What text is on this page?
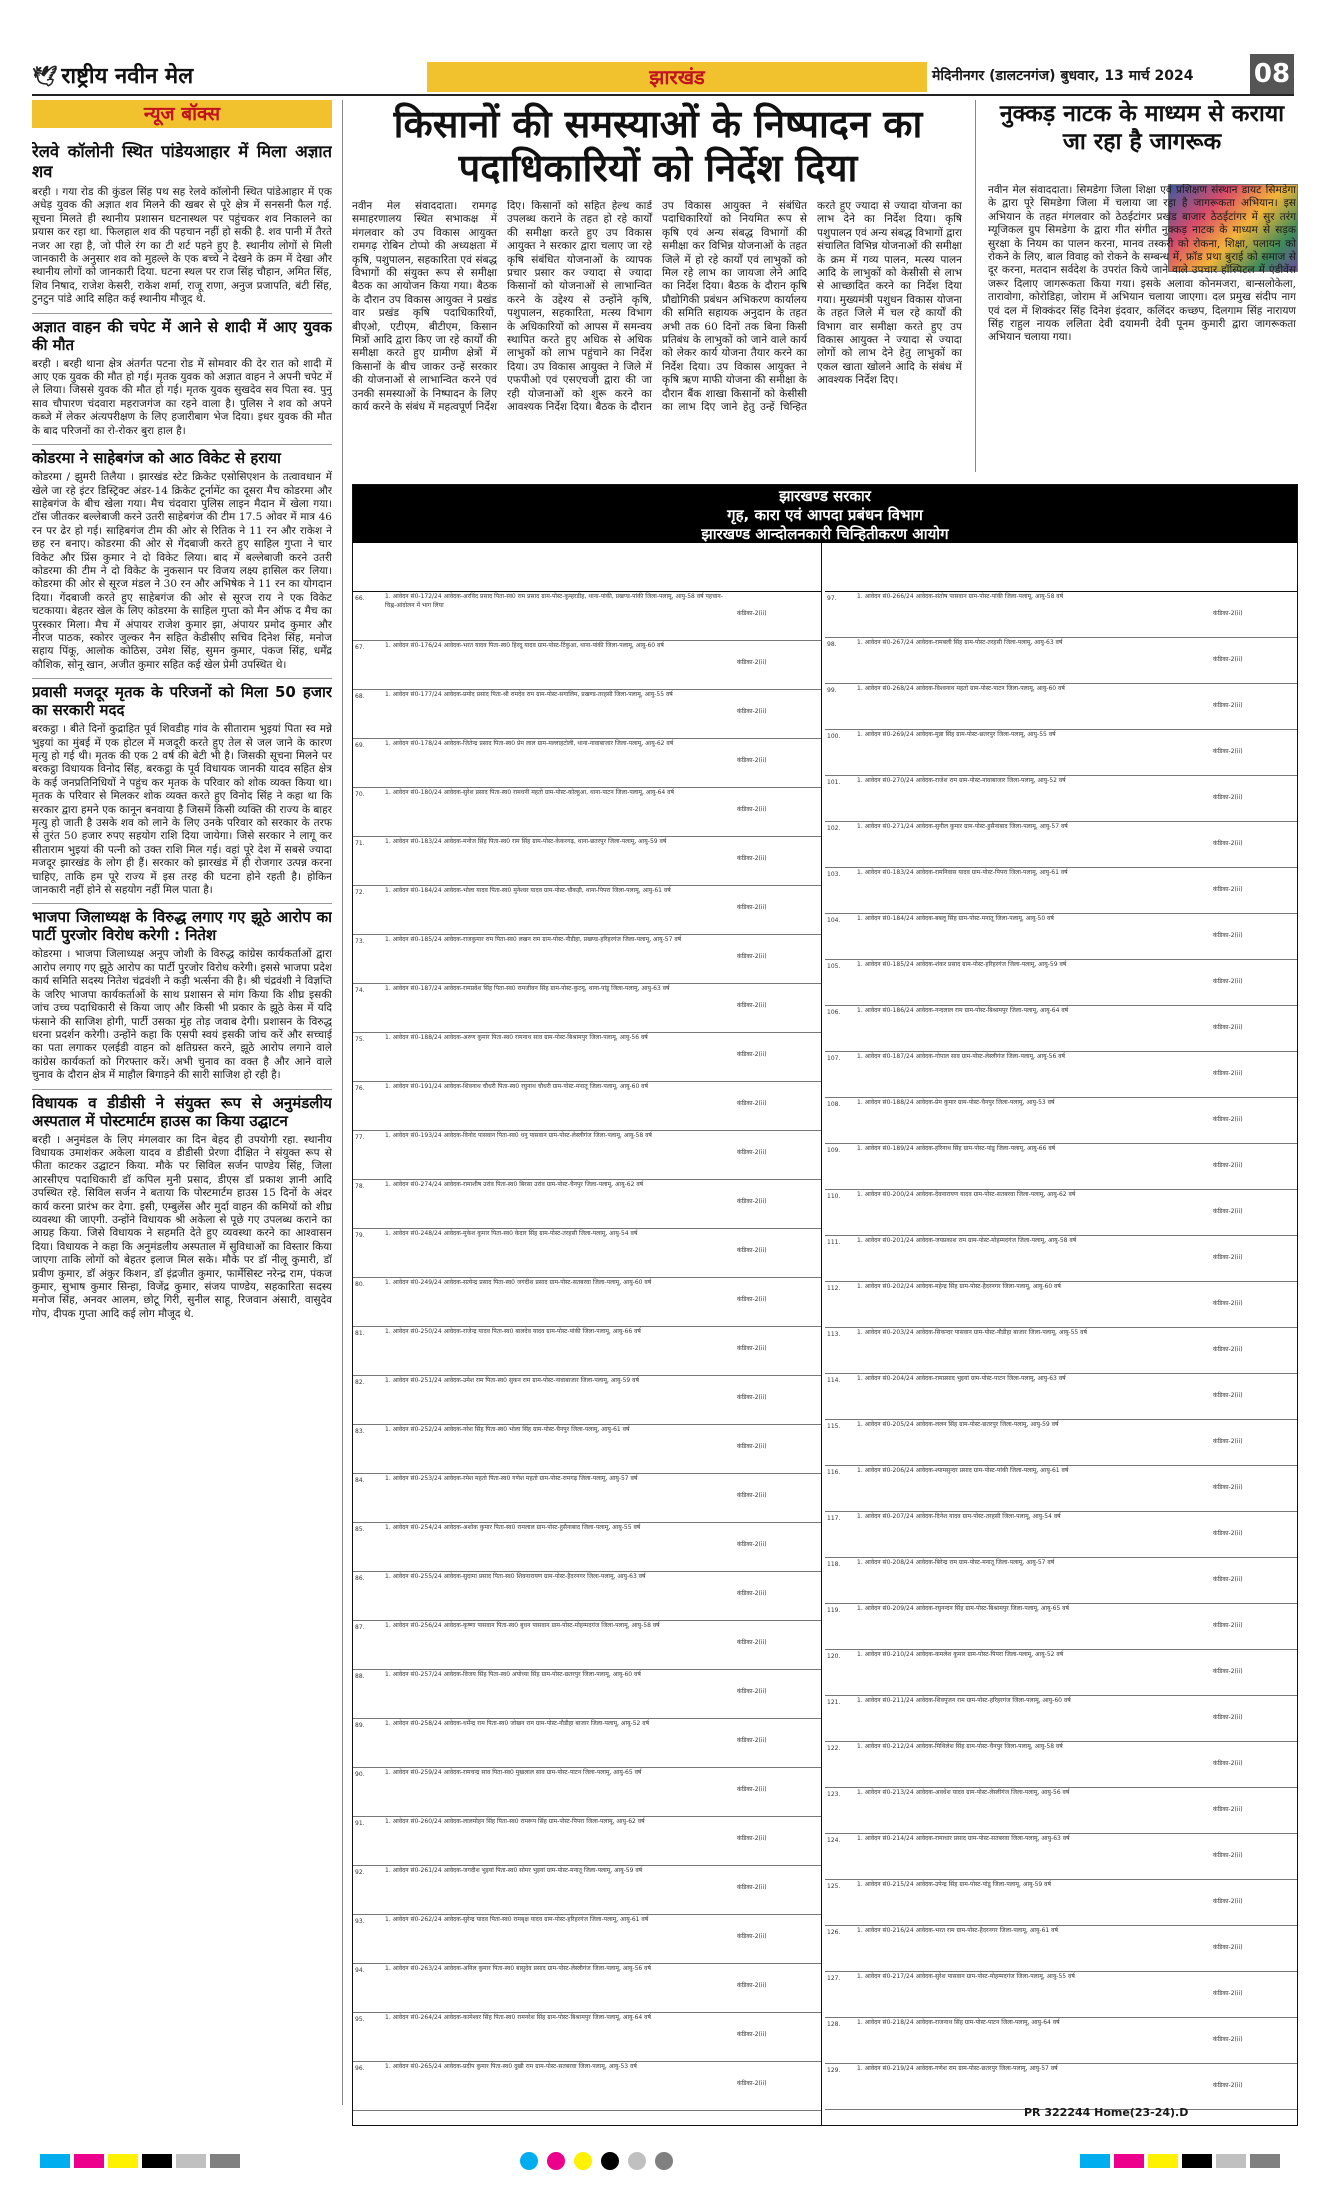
🕊 राष्ट्रीय नवीन मेल	झारखंड	मेदिनीनगर (डालटनगंज) बुधवार, 13 मार्च 2024 08
न्यूज बॉक्स
रेलवे कॉलोनी स्थित पांडेयआहार में मिला अज्ञात शव

बरही । गया रोड की कुंडल सिंह पथ सह रेलवे कॉलोनी स्थित पांडेआहार में एक अधेड़ युवक की अज्ञात शव मिलने की खबर से पूरे क्षेत्र में सनसनी फैल गई. सूचना मिलते ही स्थानीय प्रशासन घटनास्थल पर पहुंचकर शव निकालने का प्रयास कर रहा था. फिलहाल शव की पहचान नहीं हो सकी है. शव पानी में तैरते नजर आ रहा है, जो पीले रंग का टी शर्ट पहने हुए है. स्थानीय लोगों से मिली जानकारी के अनुसार शव को मुहल्ले के एक बच्चे ने देखने के क्रम में देखा और स्थानीय लोगों को जानकारी दिया. घटना स्थल पर राज सिंह चौहान, अमित सिंह, शिव निषाद, राजेश केसरी, राकेश शर्मा, राजू राणा, अनुज प्रजापति, बंटी सिंह, टुनटुन पांडे आदि सहित कई स्थानीय मौजूद थे.

अज्ञात वाहन की चपेट में आने से शादी में आए युवक की मौत

बरही । बरही थाना क्षेत्र अंतर्गत पटना रोड में सोमवार की देर रात को शादी में आए एक युवक की मौत हो गई। मृतक युवक को अज्ञात वाहन ने अपनी चपेट में ले लिया। जिससे युवक की मौत हो गई। मृतक युवक सुखदेव सव पिता स्व. पुनु साव चौपारण चंदवारा महराजगंज का रहने वाला है। पुलिस ने शव को अपने कब्जे में लेकर अंत्यपरीक्षण के लिए हजारीबाग भेज दिया। इधर युवक की मौत के बाद परिजनों का रो-रोकर बुरा हाल है।

कोडरमा ने साहेबगंज को आठ विकेट से हराया

कोडरमा / झुमरी तिलैया । झारखंड स्टेट क्रिकेट एसोसिएशन के तत्वावधान में खेले जा रहे इंटर डिस्ट्रिक्ट अंडर-14 क्रिकेट टूर्नामेंट का दूसरा मैच कोडरमा और साहेबगंज के बीच खेला गया। मैच चंदवारा पुलिस लाइन मैदान में खेला गया। टॉस जीतकर बल्लेबाजी करने उतरी साहेबगंज की टीम 17.5 ओवर में मात्र 46 रन पर ढेर हो गई। साहिबगंज टीम की ओर से रितिक ने 11 रन और राकेश ने छह रन बनाए। कोडरमा की ओर से गेंदबाजी करते हुए साहिल गुप्ता ने चार विकेट और प्रिंस कुमार ने दो विकेट लिया। बाद में बल्लेबाजी करने उतरी कोडरमा की टीम ने दो विकेट के नुकसान पर विजय लक्ष्य हासिल कर लिया। कोडरमा की ओर से सूरज मंडल ने 30 रन और अभिषेक ने 11 रन का योगदान दिया। गेंदबाजी करते हुए साहेबगंज की ओर से सूरज राय ने एक विकेट चटकाया। बेहतर खेल के लिए कोडरमा के साहिल गुप्ता को मैन ऑफ द मैच का पुरस्कार मिला। मैच में अंपायर राजेश कुमार झा, अंपायर प्रमोद कुमार और नीरज पाठक, स्कोरर जुल्कर नैन सहित केडीसीए सचिव दिनेश सिंह, मनोज सहाय पिंकू, आलोक कोठिस, उमेश सिंह, सुमन कुमार, पंकज सिंह, धर्मेंद्र कौशिक, सोनू खान, अजीत कुमार सहित कई खेल प्रेमी उपस्थित थे।

प्रवासी मजदूर मृतक के परिजनों को मिला 50 हजार का सरकारी मदद

बरकट्ठा । बीते दिनों कुद्राहित पूर्व शिवडीह गांव के सीताराम भुइयां पिता स्व मन्ने भुइयां का मुंबई में एक होटल में मजदूरी करते हुए तेल से जल जाने के कारण मृत्यु हो गई थी। मृतक की एक 2 वर्ष की बेटी भी है। जिसकी सूचना मिलने पर बरकट्ठा विधायक विनोद सिंह, बरकट्ठा के पूर्व विधायक जानकी यादव सहित क्षेत्र के कई जनप्रतिनिधियों ने पहुंच कर मृतक के परिवार को शोक व्यक्त किया था। मृतक के परिवार से मिलकर शोक व्यक्त करते हुए विनोद सिंह ने कहा था कि सरकार द्वारा हमने एक कानून बनवाया है जिसमें किसी व्यक्ति की राज्य के बाहर मृत्यु हो जाती है उसके शव को लाने के लिए उनके परिवार को सरकार के तरफ से तुरंत 50 हजार रुपए सहयोग राशि दिया जायेगा। जिसे सरकार ने लागू कर सीताराम भुइयां की पत्नी को उक्त राशि मिल गई। वहां पूरे देश में सबसे ज्यादा मजदूर झारखंड के लोग ही हैं। सरकार को झारखंड में ही रोजगार उत्पन्न करना चाहिए, ताकि हम पूरे राज्य में इस तरह की घटना होने रहती है। होकिन जानकारी नहीं होने से सहयोग नहीं मिल पाता है।

भाजपा जिलाध्यक्ष के विरुद्ध लगाए गए झूठे आरोप का पार्टी पुरजोर विरोध करेगी : नितेश

कोडरमा । भाजपा जिलाध्यक्ष अनूप जोशी के विरुद्ध कांग्रेस कार्यकर्ताओं द्वारा आरोप लगाए गए झूठे आरोप का पार्टी पुरजोर विरोध करेगी। इससे भाजपा प्रदेश कार्य समिति सदस्य नितेश चंद्रवंशी ने कड़ी भर्त्सना की है। श्री चंद्रवंशी ने विज्ञप्ति के जरिए भाजपा कार्यकर्ताओं के साथ प्रशासन से मांग किया कि शीघ्र इसकी जांच उच्च पदाधिकारी से किया जाए और किसी भी प्रकार के झूठे केस में यदि फंसाने की साजिश होगी, पार्टी उसका मुंह तोड़ जवाब देगी। प्रशासन के विरुद्ध धरना प्रदर्शन करेगी। उन्होंने कहा कि एसपी स्वयं इसकी जांच करें और सच्चाई का पता लगाकर एलईडी वाहन को क्षतिग्रस्त करने, झूठे आरोप लगाने वाले कांग्रेस कार्यकर्ता को गिरफ्तार करें। अभी चुनाव का वक्त है और आने वाले चुनाव के दौरान क्षेत्र में माहौल बिगाड़ने की सारी साजिश हो रही है।

विधायक व डीडीसी ने संयुक्त रूप से अनुमंडलीय अस्पताल में पोस्टमार्टम हाउस का किया उद्घाटन

बरही । अनुमंडल के लिए मंगलवार का दिन बेहद ही उपयोगी रहा. स्थानीय विधायक उमाशंकर अकेला यादव व डीडीसी प्रेरणा दीक्षित ने संयुक्त रूप से फीता काटकर उद्घाटन किया. मौके पर सिविल सर्जन पाण्डेय सिंह, जिला आरसीएच पदाधिकारी डॉ कपिल मुनी प्रसाद, डीएस डॉ प्रकाश ज्ञानी आदि उपस्थित रहे. सिविल सर्जन ने बताया कि पोस्टमार्टम हाउस 15 दिनों के अंदर कार्य करना प्रारंभ कर देगा. इसी, एम्बुलेंस और मुर्दा वाहन की कमियों को शीघ्र व्यवस्था की जाएगी. उन्होंने विधायक श्री अकेला से पूछे गए उपलब्ध कराने का आग्रह किया. जिसे विधायक ने सहमति देते हुए व्यवस्था करने का आश्वासन दिया। विधायक ने कहा कि अनुमंडलीय अस्पताल में सुविधाओं का विस्तार किया जाएगा ताकि लोगों को बेहतर इलाज मिल सके। मौके पर डॉ नीलू कुमारी, डॉ प्रवीण कुमार, डॉ अंकुर किशन, डॉ इंद्रजीत कुमार, फार्मेसिस्ट नरेन्द्र राम, पंकज कुमार, सुभाष कुमार सिन्हा, विजेंद्र कुमार, संजय पाण्डेय, सहकारिता सदस्य मनोज सिंह, अनवर आलम, छोटू गिरी, सुनील साहू, रिजवान अंसारी, वासुदेव गोप, दीपक गुप्ता आदि कई लोग मौजूद थे.

किसानों की समस्याओं के निष्पादन का पदाधिकारियों को निर्देश दिया

नवीन मेल संवाददाता। रामगढ़ समाहरणालय स्थित सभाकक्ष में मंगलवार को उप विकास आयुक्त रामगढ़ रोबिन टोप्पो की अध्यक्षता में कृषि, पशुपालन, सहकारिता एवं संबद्ध विभागों की संयुक्त रूप से समीक्षा बैठक का आयोजन किया गया। बैठक के दौरान उप विकास आयुक्त ने प्रखंड वार प्रखंड कृषि पदाधिकारियों, बीएओ, एटीएम, बीटीएम, किसान मित्रों आदि द्वारा किए जा रहे कार्यों की समीक्षा करते हुए ग्रामीण क्षेत्रों में किसानों के बीच जाकर उन्हें सरकार की योजनाओं से लाभान्वित करने एवं उनकी समस्याओं के निष्पादन के लिए कार्य करने के संबंध में महत्वपूर्ण निर्देश दिए। किसानों को सहित हेल्थ कार्ड उपलब्ध कराने के तहत हो रहे कार्यों की समीक्षा करते हुए उप विकास आयुक्त ने सरकार द्वारा चलाए जा रहे कृषि संबंधित योजनाओं के व्यापक प्रचार प्रसार कर ज्यादा से ज्यादा किसानों को योजनाओं से लाभान्वित करने के उद्देश्य से उन्होंने कृषि, पशुपालन, सहकारिता, मत्स्य विभाग के अधिकारियों को आपस में समन्वय स्थापित करते हुए अधिक से अधिक लाभुकों को लाभ पहुंचाने का निर्देश दिया। उप विकास आयुक्त ने जिले में एफपीओ एवं एसएचजी द्वारा की जा रही योजनाओं को शुरू करने का आवश्यक निर्देश दिया। बैठक के दौरान उप विकास आयुक्त ने संबंधित पदाधिकारियों को नियमित रूप से कृषि एवं अन्य संबद्ध विभागों की समीक्षा कर विभिन्न योजनाओं के तहत जिले में हो रहे कार्यों एवं लाभुकों को मिल रहे लाभ का जायजा लेने आदि का निर्देश दिया। बैठक के दौरान कृषि प्रौद्योगिकी प्रबंधन अभिकरण कार्यालय की समिति सहायक अनुदान के तहत अभी तक 60 दिनों तक बिना किसी प्रतिबंध के लाभुकों को जाने वाले कार्य को लेकर कार्य योजना तैयार करने का निर्देश दिया। उप विकास आयुक्त ने कृषि ऋण माफी योजना की समीक्षा के दौरान बैंक शाखा किसानों को केसीसी का लाभ दिए जाने हेतु उन्हें चिन्हित करते हुए ज्यादा से ज्यादा योजना का लाभ देने का निर्देश दिया। कृषि पशुपालन एवं अन्य संबद्ध विभागों द्वारा संचालित विभिन्न योजनाओं की समीक्षा के क्रम में गव्य पालन, मत्स्य पालन आदि के लाभुकों को केसीसी से लाभ से आच्छादित करने का निर्देश दिया गया। मुख्यमंत्री पशुधन विकास योजना के तहत जिले में चल रहे कार्यों की विभाग वार समीक्षा करते हुए उप विकास आयुक्त ने ज्यादा से ज्यादा लोगों को लाभ देने हेतु लाभुकों का एकल खाता खोलने आदि के संबंध में आवश्यक निर्देश दिए।

नुक्कड़ नाटक के माध्यम से कराया जा रहा है जागरूक

नवीन मेल संवाददाता। सिमडेगा जिला शिक्षा एवं प्रशिक्षण संस्थान डायट सिमडेगा के द्वारा पूरे सिमडेगा जिला में चलाया जा रहा है जागरूकता अभियान। इस अभियान के तहत मंगलवार को ठेठईटांगर प्रखंड बाजार ठेठईटांगर में सुर तरंग म्यूजिकल ग्रुप सिमडेगा के द्वारा गीत संगीत नुक्कड़ नाटक के माध्यम से सड़क सुरक्षा के नियम का पालन करना, मानव तस्करी को रोकना, शिक्षा, पलायन को रोकने के लिए, बाल विवाह को रोकने के सम्बन्ध में, फ्रॉड प्रथा बुराई को समाज से दूर करना, मतदान सर्वदेश के उपरांत किये जाने वाले उपचार हॉस्पिटल में एंडीवेंस जरूर दिलाए जागरूकता किया गया। इसके अलावा कोनमजरा, बान्सलोकेला, तारावोगा, कोरोडिहा, जोराम में अभियान चलाया जाएगा। दल प्रमुख संदीप नाग एवं दल में शिक्कंदर सिंह दिनेश इंदवार, कलिंदर कच्छप, दिलगाम सिंह नारायण सिंह राहुल नायक ललिता देवी दयामनी देवी पूनम कुमारी द्वारा जागरूकता अभियान चलाया गया।

झारखण्ड सरकार
गृह, कारा एवं आपदा प्रबंधन विभाग
झारखण्ड आन्दोलनकारी चिन्हितीकरण आयोग
66.	1. आवेदन सं0-172/24 आवेदक-अरविंद प्रसाद पिता-स्व0 राम प्रसाद ग्राम-पोस्ट-कुम्हरडीह, थाना-पांकी, प्रखण्ड-पांकी जिला-पलामू, आयु-58 वर्ष पहचान-चिह्न-आंदोलन में भाग लिया
कंडिका-2(ii)
67.	1. आवेदन सं0-176/24 आवेदक-भरत यादव पिता-स्व0 हिरदू यादव ग्राम-पोस्ट-टिंकुआ, थाना-पांकी जिला-पलामू, आयु-60 वर्ष
कंडिका-2(ii)
68.	1. आवेदन सं0-177/24 आवेदक-प्रमोद प्रसाद पिता-श्री रामदेव राम ग्राम-पोस्ट-सगालिम, प्रखण्ड-तरहसी जिला-पलामू, आयु-55 वर्ष
कंडिका-2(ii)
69.	1. आवेदन सं0-178/24 आवेदक-जितेन्द्र प्रसाद पिता-स्व0 प्रेम लाल ग्राम-मल्लाहटोली, थाना-नावाबाजार जिला-पलामू, आयु-62 वर्ष
कंडिका-2(ii)
70.	1. आवेदन सं0-180/24 आवेदक-सुरेश प्रसाद पिता-स्व0 रामधनी महतो ग्राम-पोस्ट-कोल्हुआ, थाना-पाटन जिला-पलामू, आयु-64 वर्ष
कंडिका-2(ii)
71.	1. आवेदन सं0-183/24 आवेदक-मनोज सिंह पिता-स्व0 राम सिंह ग्राम-पोस्ट-केकरगढ़, थाना-छतरपुर जिला-पलामू, आयु-59 वर्ष
कंडिका-2(ii)
72.	1. आवेदन सं0-184/24 आवेदक-भोला यादव पिता-स्व0 मुनेश्वर यादव ग्राम-पोस्ट-चौकड़ी, थाना-पिपरा जिला-पलामू, आयु-61 वर्ष
कंडिका-2(ii)
73.	1. आवेदन सं0-185/24 आवेदक-राजकुमार राम पिता-स्व0 लखन राम ग्राम-पोस्ट-नौडीहा, प्रखण्ड-हरिहरगंज जिला-पलामू, आयु-57 वर्ष
कंडिका-2(ii)
74.	1. आवेदन सं0-187/24 आवेदक-रामप्रवेश सिंह पिता-स्व0 रामजीवन सिंह ग्राम-पोस्ट-कुटमू, थाना-पांडू जिला-पलामू, आयु-63 वर्ष
कंडिका-2(ii)
75.	1. आवेदन सं0-188/24 आवेदक-अरुण कुमार पिता-स्व0 रामनाथ साव ग्राम-पोस्ट-बिश्रामपुर जिला-पलामू, आयु-56 वर्ष
कंडिका-2(ii)
76.	1. आवेदन सं0-191/24 आवेदक-शिवनाथ चौधरी पिता-स्व0 रघुनाथ चौधरी ग्राम-पोस्ट-मनातू जिला-पलामू, आयु-60 वर्ष
कंडिका-2(ii)
77.	1. आवेदन सं0-193/24 आवेदक-विनोद पासवान पिता-स्व0 धनु पासवान ग्राम-पोस्ट-लेस्लीगंज जिला-पलामू, आयु-58 वर्ष
कंडिका-2(ii)
78.	1. आवेदन सं0-274/24 आवेदक-रामाशीष उरांव पिता-स्व0 बिरसा उरांव ग्राम-पोस्ट-चैनपुर जिला-पलामू, आयु-62 वर्ष
कंडिका-2(ii)
79.	1. आवेदन सं0-248/24 आवेदक-मुकेश कुमार पिता-स्व0 केदार सिंह ग्राम-पोस्ट-तरहसी जिला-पलामू, आयु-54 वर्ष
कंडिका-2(ii)
80.	1. आवेदन सं0-249/24 आवेदक-सत्येन्द्र प्रसाद पिता-स्व0 जगदीश प्रसाद ग्राम-पोस्ट-सतबरवा जिला-पलामू, आयु-60 वर्ष
कंडिका-2(ii)
81.	1. आवेदन सं0-250/24 आवेदक-राजेन्द्र यादव पिता-स्व0 बालदेव यादव ग्राम-पोस्ट-पांकी जिला-पलामू, आयु-66 वर्ष
कंडिका-2(ii)
82.	1. आवेदन सं0-251/24 आवेदक-उमेश राम पिता-स्व0 सुकन राम ग्राम-पोस्ट-नावाबाजार जिला-पलामू, आयु-59 वर्ष
कंडिका-2(ii)
83.	1. आवेदन सं0-252/24 आवेदक-नरेश सिंह पिता-स्व0 भोला सिंह ग्राम-पोस्ट-चैनपुर जिला-पलामू, आयु-61 वर्ष
कंडिका-2(ii)
84.	1. आवेदन सं0-253/24 आवेदक-रमेश महतो पिता-स्व0 गणेश महतो ग्राम-पोस्ट-रामगढ़ जिला-पलामू, आयु-57 वर्ष
कंडिका-2(ii)
85.	1. आवेदन सं0-254/24 आवेदक-अशोक कुमार पिता-स्व0 रामलाल ग्राम-पोस्ट-हुसैनाबाद जिला-पलामू, आयु-55 वर्ष
कंडिका-2(ii)
86.	1. आवेदन सं0-255/24 आवेदक-सुदामा प्रसाद पिता-स्व0 शिवनारायण ग्राम-पोस्ट-हैदरनगर जिला-पलामू, आयु-63 वर्ष
कंडिका-2(ii)
87.	1. आवेदन सं0-256/24 आवेदक-कृष्णा पासवान पिता-स्व0 बुधन पासवान ग्राम-पोस्ट-मोहम्मदगंज जिला-पलामू, आयु-58 वर्ष
कंडिका-2(ii)
88.	1. आवेदन सं0-257/24 आवेदक-विजय सिंह पिता-स्व0 अयोध्या सिंह ग्राम-पोस्ट-छतरपुर जिला-पलामू, आयु-60 वर्ष
कंडिका-2(ii)
89.	1. आवेदन सं0-258/24 आवेदक-धर्मेन्द्र राम पिता-स्व0 जोखन राम ग्राम-पोस्ट-नौडीहा बाजार जिला-पलामू, आयु-52 वर्ष
कंडिका-2(ii)
90.	1. आवेदन सं0-259/24 आवेदक-रामचन्द्र साव पिता-स्व0 मुखलाल साव ग्राम-पोस्ट-पाटन जिला-पलामू, आयु-65 वर्ष
कंडिका-2(ii)
91.	1. आवेदन सं0-260/24 आवेदक-लालमोहन सिंह पिता-स्व0 रामरूप सिंह ग्राम-पोस्ट-पिपरा जिला-पलामू, आयु-62 वर्ष
कंडिका-2(ii)
92.	1. आवेदन सं0-261/24 आवेदक-जगदीश भुइयां पिता-स्व0 सोमर भुइयां ग्राम-पोस्ट-मनातू जिला-पलामू, आयु-59 वर्ष
कंडिका-2(ii)
93.	1. आवेदन सं0-262/24 आवेदक-सुरेन्द्र यादव पिता-स्व0 रामबृक्ष यादव ग्राम-पोस्ट-हरिहरगंज जिला-पलामू, आयु-61 वर्ष
कंडिका-2(ii)
94.	1. आवेदन सं0-263/24 आवेदक-अनिल कुमार पिता-स्व0 बासुदेव प्रसाद ग्राम-पोस्ट-लेस्लीगंज जिला-पलामू, आयु-56 वर्ष
कंडिका-2(ii)
95.	1. आवेदन सं0-264/24 आवेदक-कामेश्वर सिंह पिता-स्व0 रामनरेश सिंह ग्राम-पोस्ट-बिश्रामपुर जिला-पलामू, आयु-64 वर्ष
कंडिका-2(ii)
96.	1. आवेदन सं0-265/24 आवेदक-प्रदीप कुमार पिता-स्व0 दुखी राम ग्राम-पोस्ट-सतबरवा जिला-पलामू, आयु-53 वर्ष
कंडिका-2(ii)
97.	1. आवेदन सं0-266/24 आवेदक-संतोष पासवान ग्राम-पोस्ट-पांकी जिला-पलामू, आयु-58 वर्ष
कंडिका-2(ii)
98.	1. आवेदन सं0-267/24 आवेदक-रामबली सिंह ग्राम-पोस्ट-तरहसी जिला-पलामू, आयु-63 वर्ष
कंडिका-2(ii)
99.	1. आवेदन सं0-268/24 आवेदक-विश्वनाथ महतो ग्राम-पोस्ट-पाटन जिला-पलामू, आयु-60 वर्ष
कंडिका-2(ii)
100.	1. आवेदन सं0-269/24 आवेदक-मुन्ना सिंह ग्राम-पोस्ट-छतरपुर जिला-पलामू, आयु-55 वर्ष
कंडिका-2(ii)
101.	1. आवेदन सं0-270/24 आवेदक-राजेश राम ग्राम-पोस्ट-नावाबाजार जिला-पलामू, आयु-52 वर्ष
कंडिका-2(ii)
102.	1. आवेदन सं0-271/24 आवेदक-सुनील कुमार ग्राम-पोस्ट-हुसैनाबाद जिला-पलामू, आयु-57 वर्ष
कंडिका-2(ii)
103.	1. आवेदन सं0-183/24 आवेदक-रामनिवास यादव ग्राम-पोस्ट-पिपरा जिला-पलामू, आयु-61 वर्ष
कंडिका-2(ii)
104.	1. आवेदन सं0-184/24 आवेदक-बबलू सिंह ग्राम-पोस्ट-मनातू जिला-पलामू, आयु-50 वर्ष
कंडिका-2(ii)
105.	1. आवेदन सं0-185/24 आवेदक-शंकर प्रसाद ग्राम-पोस्ट-हरिहरगंज जिला-पलामू, आयु-59 वर्ष
कंडिका-2(ii)
106.	1. आवेदन सं0-186/24 आवेदक-नन्दलाल राम ग्राम-पोस्ट-बिश्रामपुर जिला-पलामू, आयु-64 वर्ष
कंडिका-2(ii)
107.	1. आवेदन सं0-187/24 आवेदक-गोपाल साव ग्राम-पोस्ट-लेस्लीगंज जिला-पलामू, आयु-56 वर्ष
कंडिका-2(ii)
108.	1. आवेदन सं0-188/24 आवेदक-प्रेम कुमार ग्राम-पोस्ट-चैनपुर जिला-पलामू, आयु-53 वर्ष
कंडिका-2(ii)
109.	1. आवेदन सं0-189/24 आवेदक-हरिनाथ सिंह ग्राम-पोस्ट-पांडू जिला-पलामू, आयु-66 वर्ष
कंडिका-2(ii)
110.	1. आवेदन सं0-200/24 आवेदक-देवनारायण यादव ग्राम-पोस्ट-सतबरवा जिला-पलामू, आयु-62 वर्ष
कंडिका-2(ii)
111.	1. आवेदन सं0-201/24 आवेदक-जयप्रकाश राम ग्राम-पोस्ट-मोहम्मदगंज जिला-पलामू, आयु-58 वर्ष
कंडिका-2(ii)
112.	1. आवेदन सं0-202/24 आवेदक-महेन्द्र सिंह ग्राम-पोस्ट-हैदरनगर जिला-पलामू, आयु-60 वर्ष
कंडिका-2(ii)
113.	1. आवेदन सं0-203/24 आवेदक-सिकन्दर पासवान ग्राम-पोस्ट-नौडीहा बाजार जिला-पलामू, आयु-55 वर्ष
कंडिका-2(ii)
114.	1. आवेदन सं0-204/24 आवेदक-रामप्रसाद भुइयां ग्राम-पोस्ट-पाटन जिला-पलामू, आयु-63 वर्ष
कंडिका-2(ii)
115.	1. आवेदन सं0-205/24 आवेदक-ललन सिंह ग्राम-पोस्ट-छतरपुर जिला-पलामू, आयु-59 वर्ष
कंडिका-2(ii)
116.	1. आवेदन सं0-206/24 आवेदक-श्यामसुन्दर प्रसाद ग्राम-पोस्ट-पांकी जिला-पलामू, आयु-61 वर्ष
कंडिका-2(ii)
117.	1. आवेदन सं0-207/24 आवेदक-दिनेश यादव ग्राम-पोस्ट-तरहसी जिला-पलामू, आयु-54 वर्ष
कंडिका-2(ii)
118.	1. आवेदन सं0-208/24 आवेदक-बिरेन्द्र राम ग्राम-पोस्ट-मनातू जिला-पलामू, आयु-57 वर्ष
कंडिका-2(ii)
119.	1. आवेदन सं0-209/24 आवेदक-रघुनन्दन सिंह ग्राम-पोस्ट-बिश्रामपुर जिला-पलामू, आयु-65 वर्ष
कंडिका-2(ii)
120.	1. आवेदन सं0-210/24 आवेदक-कमलेश कुमार ग्राम-पोस्ट-पिपरा जिला-पलामू, आयु-52 वर्ष
कंडिका-2(ii)
121.	1. आवेदन सं0-211/24 आवेदक-शिवपूजन राम ग्राम-पोस्ट-हरिहरगंज जिला-पलामू, आयु-60 वर्ष
कंडिका-2(ii)
122.	1. आवेदन सं0-212/24 आवेदक-मिथिलेश सिंह ग्राम-पोस्ट-चैनपुर जिला-पलामू, आयु-58 वर्ष
कंडिका-2(ii)
123.	1. आवेदन सं0-213/24 आवेदक-अवधेश यादव ग्राम-पोस्ट-लेस्लीगंज जिला-पलामू, आयु-56 वर्ष
कंडिका-2(ii)
124.	1. आवेदन सं0-214/24 आवेदक-रामाधार प्रसाद ग्राम-पोस्ट-सतबरवा जिला-पलामू, आयु-63 वर्ष
कंडिका-2(ii)
125.	1. आवेदन सं0-215/24 आवेदक-उपेन्द्र सिंह ग्राम-पोस्ट-पांडू जिला-पलामू, आयु-59 वर्ष
कंडिका-2(ii)
126.	1. आवेदन सं0-216/24 आवेदक-भरत राम ग्राम-पोस्ट-हैदरनगर जिला-पलामू, आयु-61 वर्ष
कंडिका-2(ii)
127.	1. आवेदन सं0-217/24 आवेदक-सुरेश पासवान ग्राम-पोस्ट-मोहम्मदगंज जिला-पलामू, आयु-55 वर्ष
कंडिका-2(ii)
128.	1. आवेदन सं0-218/24 आवेदक-राजनाथ सिंह ग्राम-पोस्ट-पाटन जिला-पलामू, आयु-64 वर्ष
कंडिका-2(ii)
129.	1. आवेदन सं0-219/24 आवेदक-गणेश राम ग्राम-पोस्ट-छतरपुर जिला-पलामू, आयु-57 वर्ष
कंडिका-2(ii)
PR 322244 Home(23-24).D
